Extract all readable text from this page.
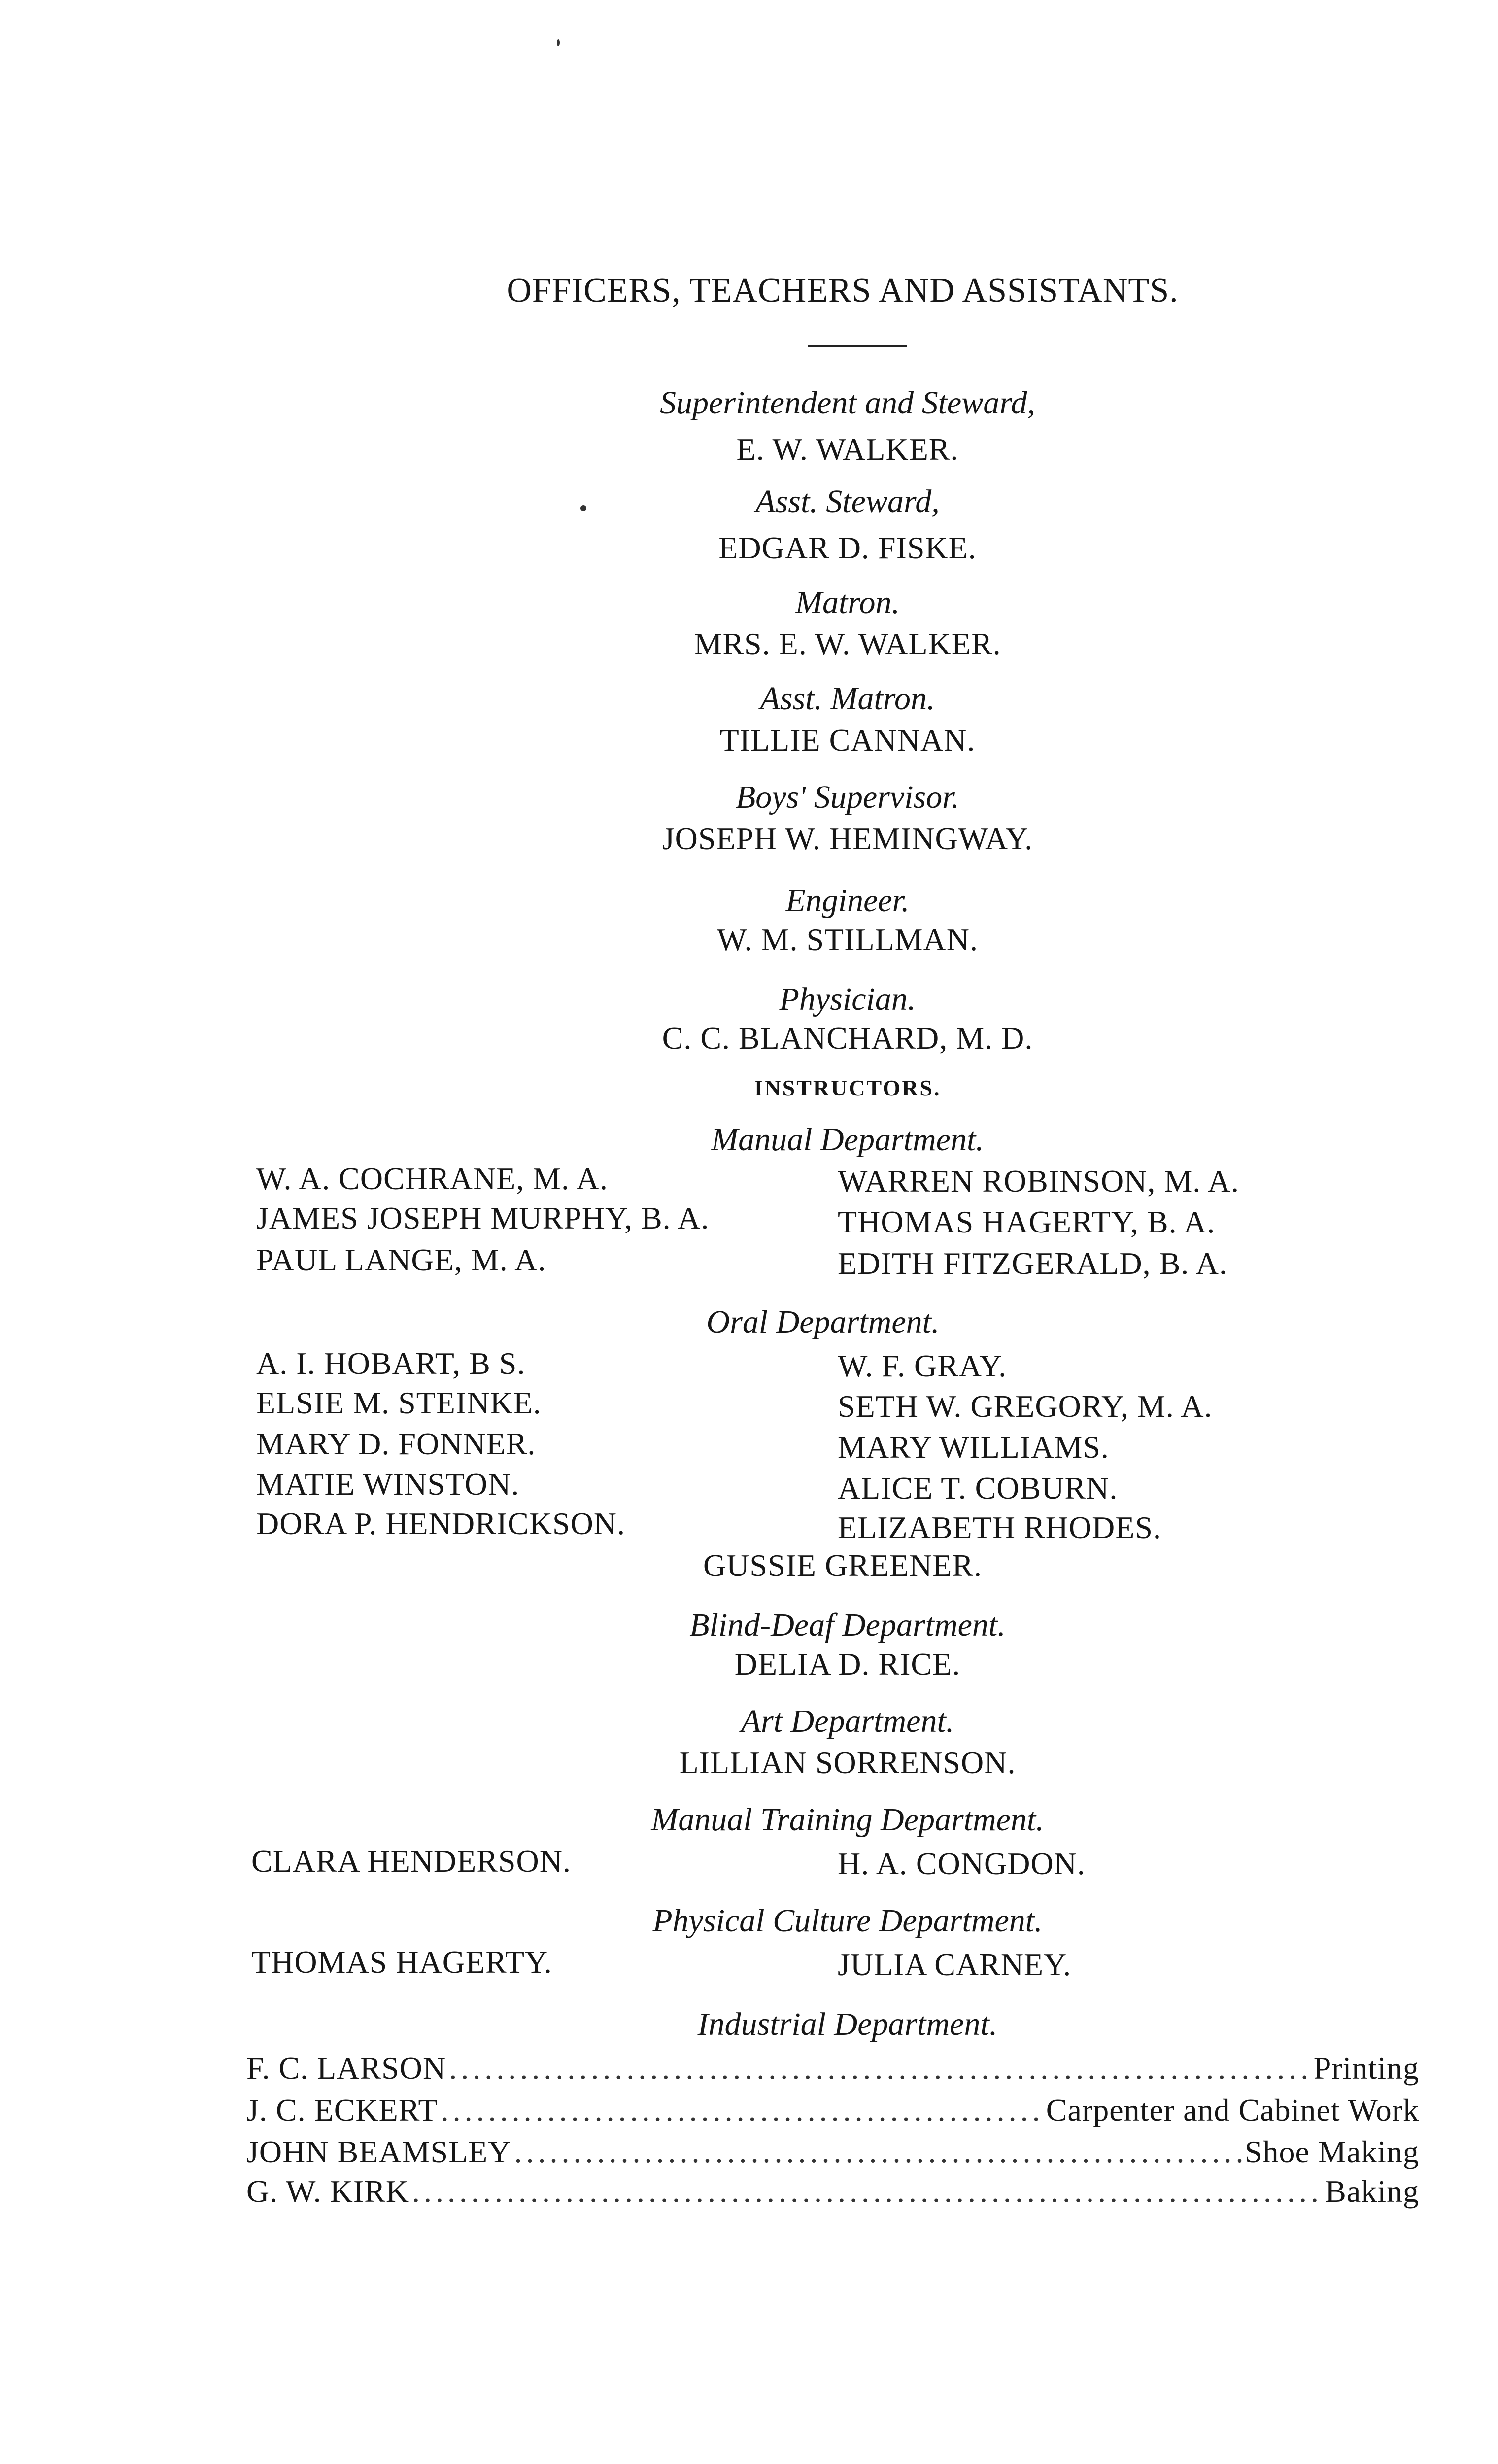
OFFICERS, TEACHERS AND ASSISTANTS.
Superintendent and Steward,
E. W. WALKER.
Asst. Steward,
EDGAR D. FISKE.
Matron.
MRS. E. W. WALKER.
Asst. Matron.
TILLIE CANNAN.
Boys' Supervisor.
JOSEPH W. HEMINGWAY.
Engineer.
W. M. STILLMAN.
Physician.
C. C. BLANCHARD, M. D.
INSTRUCTORS.
Manual Department.
W. A. COCHRANE, M. A.	WARREN ROBINSON, M. A.
JAMES JOSEPH MURPHY, B. A.	THOMAS HAGERTY, B. A.
PAUL LANGE, M. A.	EDITH FITZGERALD, B. A.
Oral Department.
A. I. HOBART, B S.	W. F. GRAY.
ELSIE M. STEINKE.	SETH W. GREGORY, M. A.
MARY D. FONNER.	MARY WILLIAMS.
MATIE WINSTON.	ALICE T. COBURN.
DORA P. HENDRICKSON.	ELIZABETH RHODES.
GUSSIE GREENER.
Blind-Deaf Department.
DELIA D. RICE.
Art Department.
LILLIAN SORRENSON.
Manual Training Department.
CLARA HENDERSON.	H. A. CONGDON.
Physical Culture Department.
THOMAS HAGERTY.	JULIA CARNEY.
Industrial Department.
F. C. LARSON .....	Printing
J. C. ECKERT .....	Carpenter and Cabinet Work
JOHN BEAMSLEY .....	Shoe Making
G. W. KIRK .....	Baking
